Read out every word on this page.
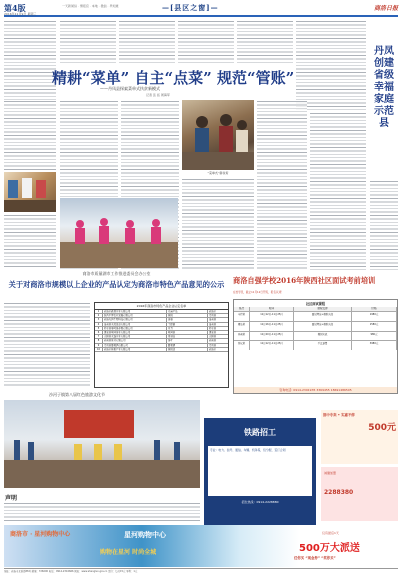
第4版
2016年11月9日 星期三
一天新闻纵 · 情报官 · 本地 · 微信 · 早知道	—[县区之窗]—	商洛日报
精耕“菜单” 自主“点菜” 规范“管账”
——丹凤县探索菜单式扶贫新模式
记者 张 拓 周海军
“菜单式”新扶贫
丹凤创建省级幸福家庭示范县
商洛市质量湖市工作推进委员会办公室
关于对商洛市规模以上企业的产品认定为商洛市特色产品意见的公示
2016年商洛市特色产品企业认定名单
1	商洛市鑫源实业有限公司	天麻产品	商洛市
2	陕西中博农业发展有限公司	核桃	丹凤县
3	商洛天润生物科技有限公司	香菇	洛南县
4	洛南县天然食品有限公司	土蜂蜜	洛南县
5	柞水县秦岭泉养殖有限公司	木耳	柞水县
6	镇安县象园茶业有限公司	象园茶	镇安县
7	山阳县天蓬实业有限公司	肉制品	山阳县
8	商南县茶业有限公司	茶叶	商南县
9	丹凤县葡萄酒有限公司	葡萄酒	丹凤县
10	商洛市核桃产业有限公司	核桃油	商洛市
商洛自强学校2016年陕西社区面试考前培训
在校学员，截止11月12日开班，报名从速！
社区面试课程
班次	时间	课程安排	价格
全程班	11月12日-11月25日	面试理论+模拟实战	1980元
精品班	11月16日-11月25日	面试理论+模拟实战	1580元
冲刺班	11月20日-11月25日	模拟实战	980元
协议班	11月12日-11月25日	不过退费	3980元
咨询电话: 0914-2391935 3369455 18691486505
沙河子镇第八届红色旅游文化节
声明
铁路招工
专业：电力、信号、通信、车辆、机务等，包分配、签订合同
招生热线：0914-2228880
郎中专卖 • 实惠不停
500元
诚邀加盟
2288380
商洛市 · 星河购物中心	星河购物中心
购物在星河 时尚全城
仅有最后1天
500万大派送
任你买 “现金券” “奖你买”
地址：商洛市北新街88号 邮编：726000 电话：0914-2316666 网址：www.shangluo.gov.cn 定价：每月15元 零售：1元
